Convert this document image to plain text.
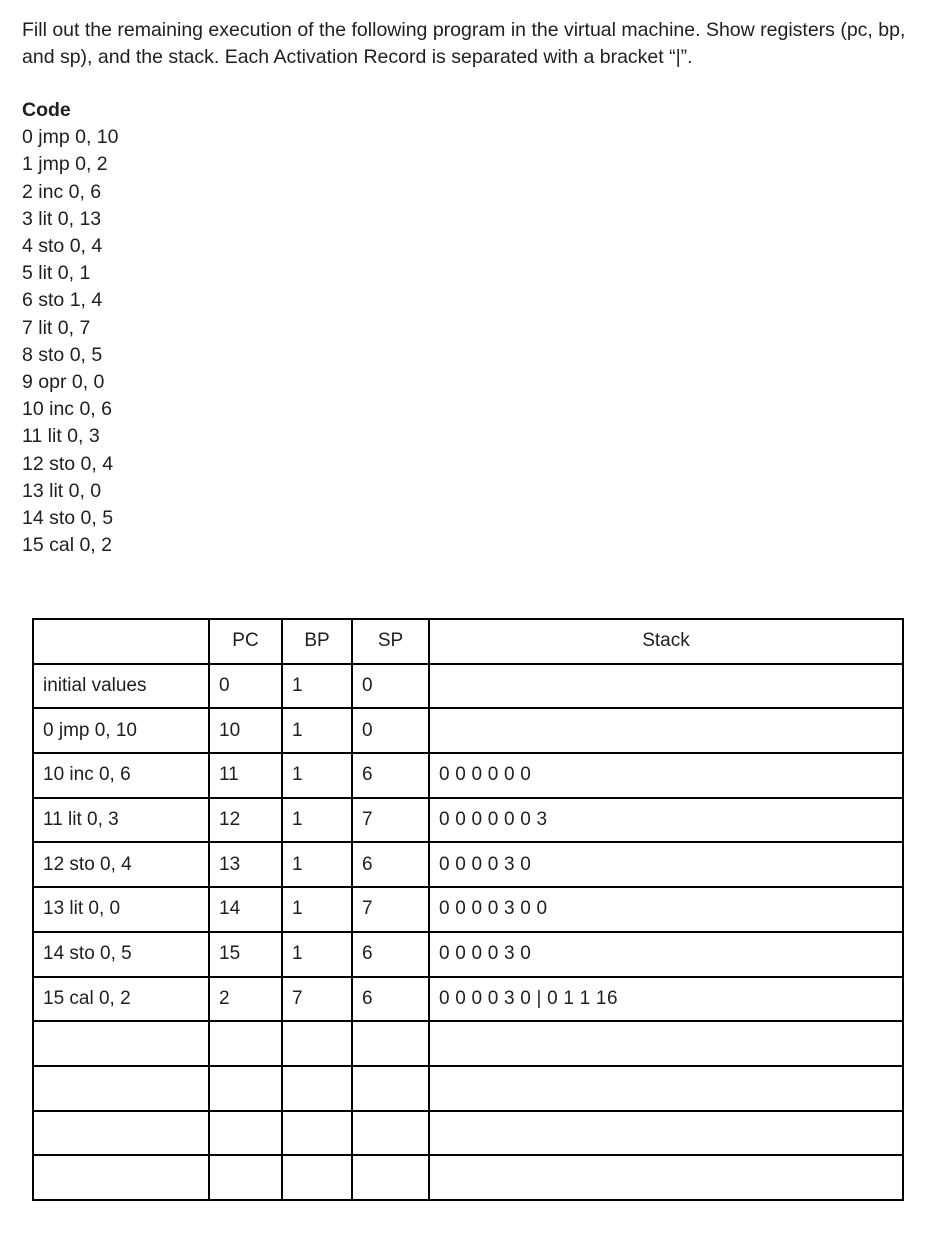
Fill out the remaining execution of the following program in the virtual machine. Show registers (pc, bp, and sp), and the stack. Each Activation Record is separated with a bracket “|”.

Code

0 jmp 0, 10
1 jmp 0, 2
2 inc 0, 6
3 lit 0, 13
4 sto 0, 4
5 lit 0, 1
6 sto 1, 4
7 lit 0, 7
8 sto 0, 5
9 opr 0, 0
10 inc 0, 6
11 lit 0, 3
12 sto 0, 4
13 lit 0, 0
14 sto 0, 5
15 cal 0, 2
	PC	BP	SP	Stack
initial values	0	1	0	
0 jmp 0, 10	10	1	0	
10 inc 0, 6	11	1	6	0 0 0 0 0 0
11 lit 0, 3	12	1	7	0 0 0 0 0 0 3
12 sto 0, 4	13	1	6	0 0 0 0 3 0
13 lit 0, 0	14	1	7	0 0 0 0 3 0 0
14 sto 0, 5	15	1	6	0 0 0 0 3 0
15 cal 0, 2	2	7	6	0 0 0 0 3 0 | 0 1 1 16
